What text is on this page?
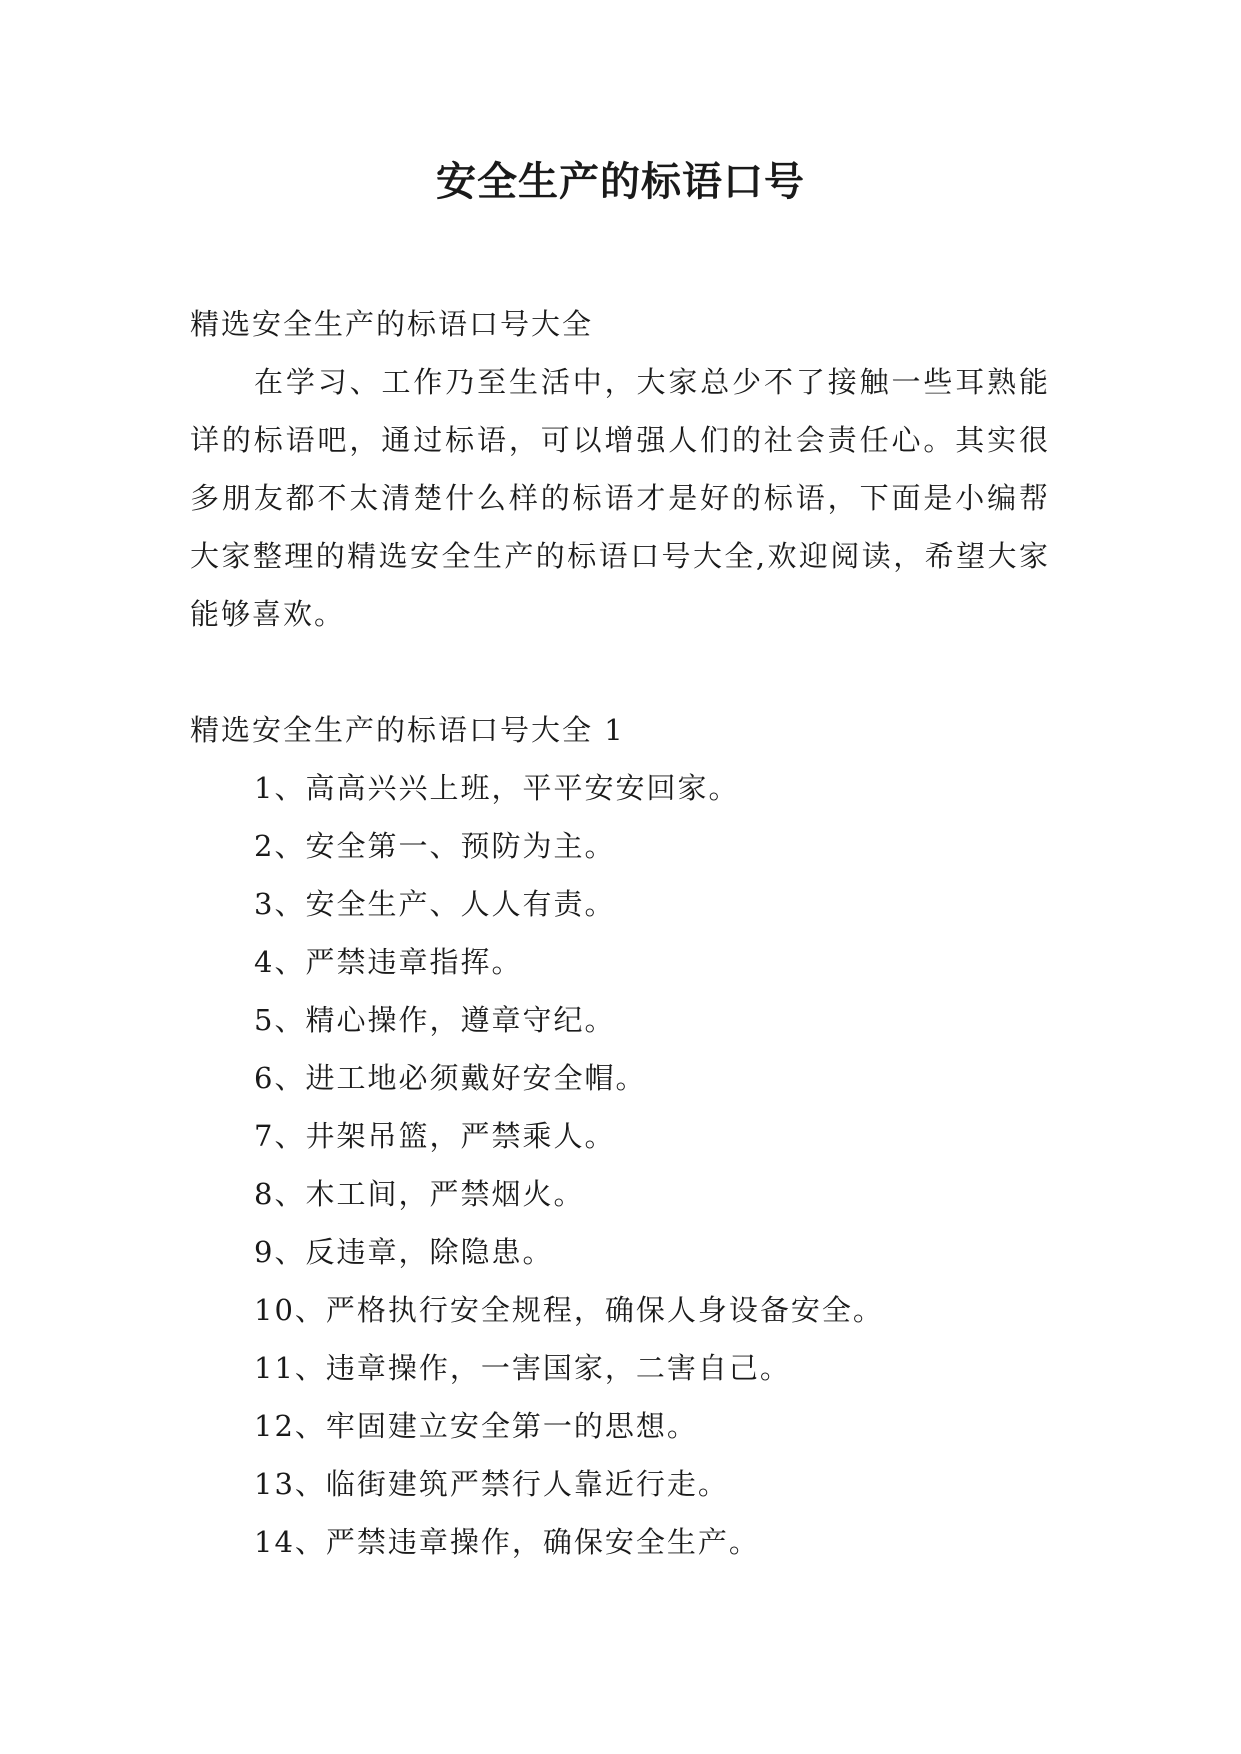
安全生产的标语口号

精选安全生产的标语口号大全

在学习、工作乃至生活中，大家总少不了接触一些耳熟能详的标语吧，通过标语，可以增强人们的社会责任心。其实很多朋友都不太清楚什么样的标语才是好的标语，下面是小编帮大家整理的精选安全生产的标语口号大全,欢迎阅读，希望大家能够喜欢。

精选安全生产的标语口号大全 1

1、高高兴兴上班，平平安安回家。
2、安全第一、预防为主。
3、安全生产、人人有责。
4、严禁违章指挥。
5、精心操作，遵章守纪。
6、进工地必须戴好安全帽。
7、井架吊篮，严禁乘人。
8、木工间，严禁烟火。
9、反违章，除隐患。
10、严格执行安全规程，确保人身设备安全。
11、违章操作，一害国家，二害自己。
12、牢固建立安全第一的思想。
13、临街建筑严禁行人靠近行走。
14、严禁违章操作，确保安全生产。
